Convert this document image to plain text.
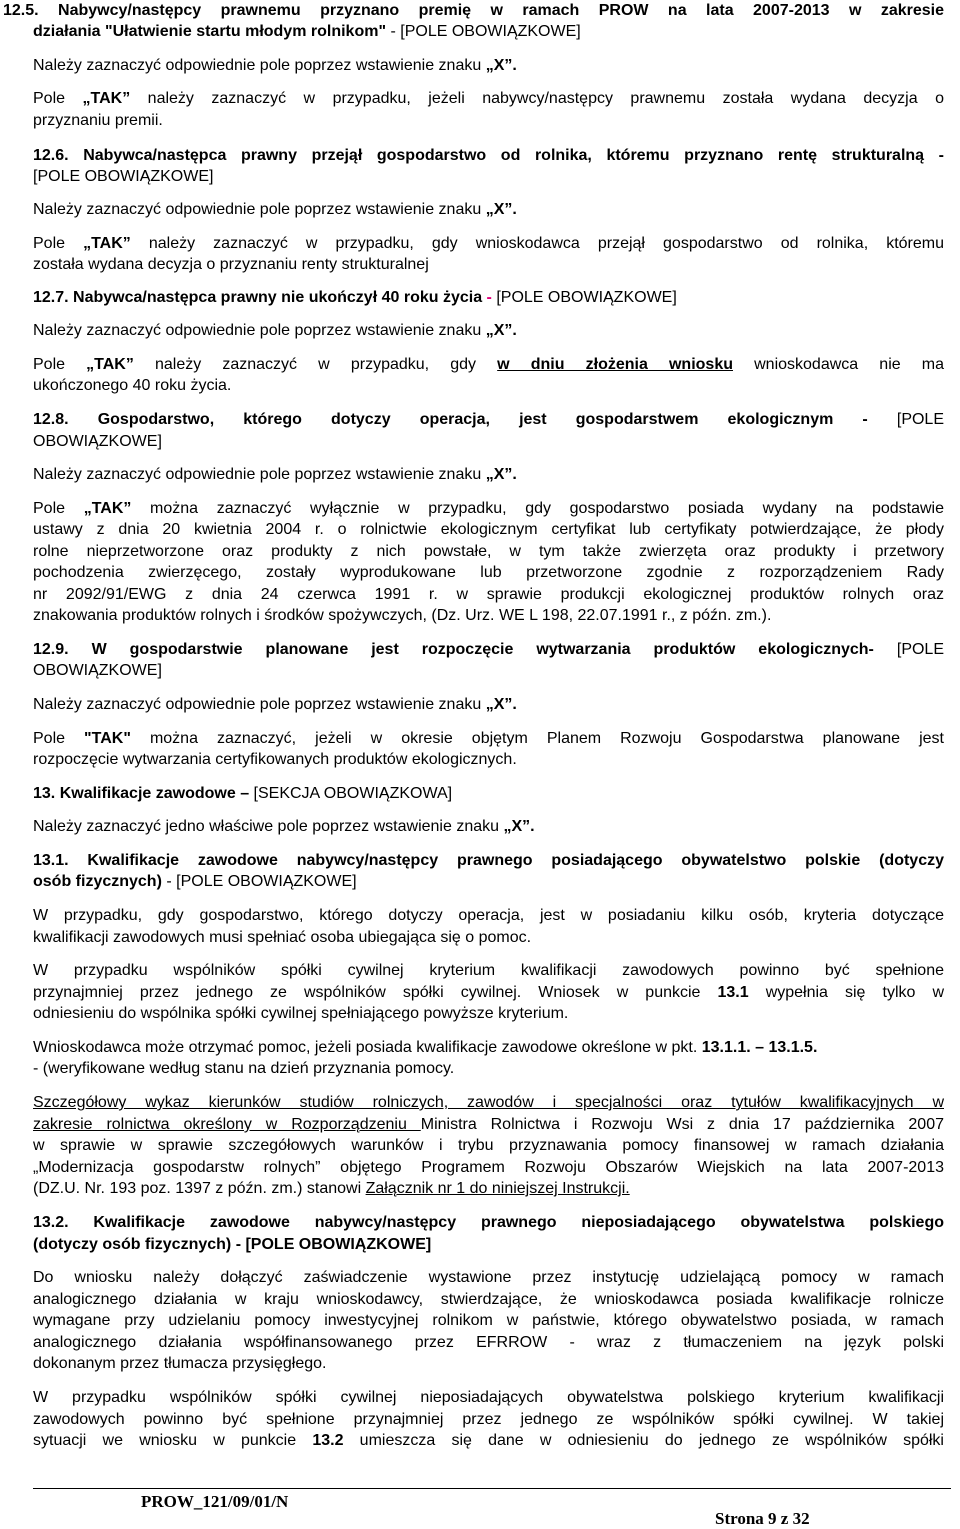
12.5. Nabywcy/następcy prawnemu przyznano premię w ramach PROW na lata 2007-2013 w zakresie
działania "Ułatwienie startu młodym rolnikom" - [POLE OBOWIĄZKOWE]
Należy zaznaczyć odpowiednie pole poprzez wstawienie znaku „X”.
Pole „TAK” należy zaznaczyć w przypadku, jeżeli nabywcy/następcy prawnemu została wydana decyzja o
przyznaniu premii.
12.6. Nabywca/następca prawny przejął gospodarstwo od rolnika, któremu przyznano rentę strukturalną -
[POLE OBOWIĄZKOWE]
Należy zaznaczyć odpowiednie pole poprzez wstawienie znaku „X”.
Pole „TAK” należy zaznaczyć w przypadku, gdy wnioskodawca przejął gospodarstwo od rolnika, któremu
została wydana decyzja o przyznaniu renty strukturalnej
12.7. Nabywca/następca prawny nie ukończył 40 roku życia - [POLE OBOWIĄZKOWE]
Należy zaznaczyć odpowiednie pole poprzez wstawienie znaku „X”.
Pole „TAK” należy zaznaczyć w przypadku, gdy w dniu złożenia wniosku wnioskodawca nie ma
ukończonego 40 roku życia.
12.8. Gospodarstwo, którego dotyczy operacja, jest gospodarstwem ekologicznym - [POLE
OBOWIĄZKOWE]
Należy zaznaczyć odpowiednie pole poprzez wstawienie znaku „X”.
Pole „TAK” można zaznaczyć wyłącznie w przypadku, gdy gospodarstwo posiada wydany na podstawie
ustawy z dnia 20 kwietnia 2004 r. o rolnictwie ekologicznym certyfikat lub certyfikaty potwierdzające, że płody
rolne nieprzetworzone oraz produkty z nich powstałe, w tym także zwierzęta oraz produkty i przetwory
pochodzenia zwierzęcego, zostały wyprodukowane lub przetworzone zgodnie z rozporządzeniem Rady
nr 2092/91/EWG z dnia 24 czerwca 1991 r. w sprawie produkcji ekologicznej produktów rolnych oraz
znakowania produktów rolnych i środków spożywczych, (Dz. Urz. WE L 198, 22.07.1991 r., z późn. zm.).
12.9. W gospodarstwie planowane jest rozpoczęcie wytwarzania produktów ekologicznych- [POLE
OBOWIĄZKOWE]
Należy zaznaczyć odpowiednie pole poprzez wstawienie znaku „X”.
Pole "TAK" można zaznaczyć, jeżeli w okresie objętym Planem Rozwoju Gospodarstwa planowane jest
rozpoczęcie wytwarzania certyfikowanych produktów ekologicznych.
13. Kwalifikacje zawodowe – [SEKCJA OBOWIĄZKOWA]
Należy zaznaczyć jedno właściwe pole poprzez wstawienie znaku „X”.
13.1. Kwalifikacje zawodowe nabywcy/następcy prawnego posiadającego obywatelstwo polskie (dotyczy
osób fizycznych) - [POLE OBOWIĄZKOWE]
W przypadku, gdy gospodarstwo, którego dotyczy operacja, jest w posiadaniu kilku osób, kryteria dotyczące
kwalifikacji zawodowych musi spełniać osoba ubiegająca się o pomoc.
W przypadku wspólników spółki cywilnej kryterium kwalifikacji zawodowych powinno być spełnione
przynajmniej przez jednego ze wspólników spółki cywilnej. Wniosek w punkcie 13.1 wypełnia się tylko w
odniesieniu do wspólnika spółki cywilnej spełniającego powyższe kryterium.
Wnioskodawca może otrzymać pomoc, jeżeli posiada kwalifikacje zawodowe określone w pkt. 13.1.1. – 13.1.5.
- (weryfikowane według stanu na dzień przyznania pomocy.
Szczegółowy wykaz kierunków studiów rolniczych, zawodów i specjalności oraz tytułów kwalifikacyjnych w
zakresie rolnictwa określony w Rozporządzeniu Ministra Rolnictwa i Rozwoju Wsi z dnia 17 października 2007
w sprawie w sprawie szczegółowych warunków i trybu przyznawania pomocy finansowej w ramach działania
„Modernizacja gospodarstw rolnych” objętego Programem Rozwoju Obszarów Wiejskich na lata 2007-2013
(DZ.U. Nr. 193 poz. 1397 z późn. zm.) stanowi Załącznik nr 1 do niniejszej Instrukcji.
13.2. Kwalifikacje zawodowe nabywcy/następcy prawnego nieposiadającego obywatelstwa polskiego
(dotyczy osób fizycznych) - [POLE OBOWIĄZKOWE]
Do wniosku należy dołączyć zaświadczenie wystawione przez instytucję udzielającą pomocy w ramach
analogicznego działania w kraju wnioskodawcy, stwierdzające, że wnioskodawca posiada kwalifikacje rolnicze
wymagane przy udzielaniu pomocy inwestycyjnej rolnikom w państwie, którego obywatelstwo posiada, w ramach
analogicznego działania współfinansowanego przez EFRROW - wraz z tłumaczeniem na język polski
dokonanym przez tłumacza przysięgłego.
W przypadku wspólników spółki cywilnej nieposiadających obywatelstwa polskiego kryterium kwalifikacji
zawodowych powinno być spełnione przynajmniej przez jednego ze wspólników spółki cywilnej. W takiej
sytuacji we wniosku w punkcie 13.2 umieszcza się dane w odniesieniu do jednego ze wspólników spółki
PROW_121/09/01/N
Strona 9 z 32
